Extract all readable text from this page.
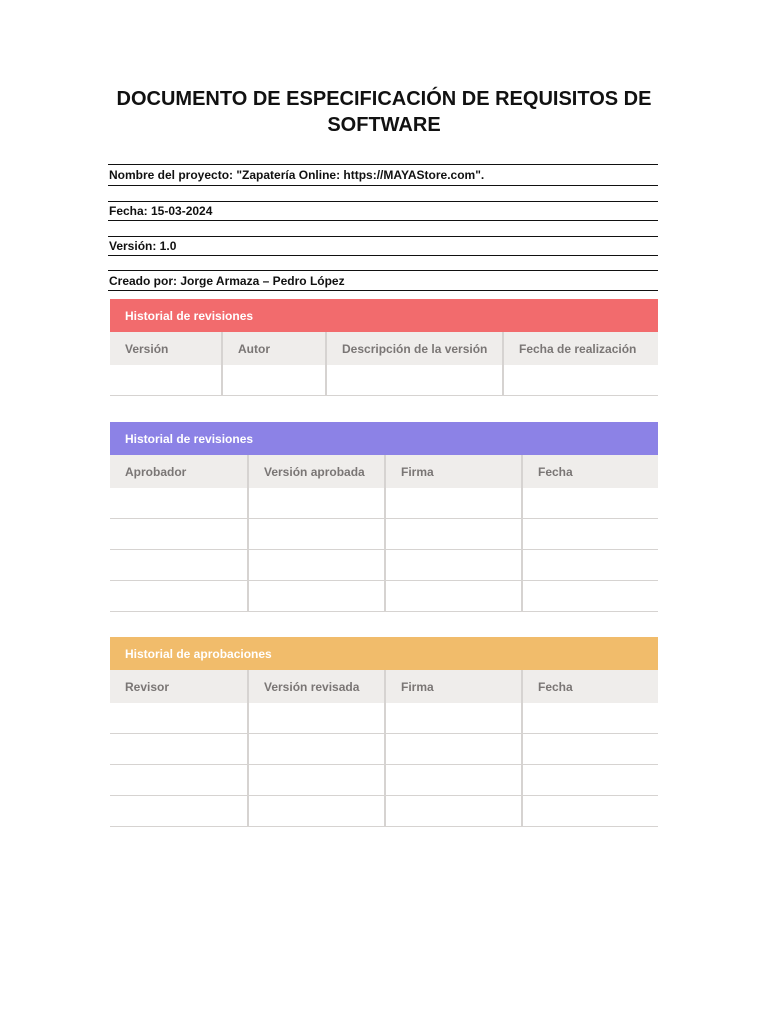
DOCUMENTO DE ESPECIFICACIÓN DE REQUISITOS DE SOFTWARE
Nombre del proyecto: "Zapatería Online: https://MAYAStore.com".
Fecha: 15-03-2024
Versión: 1.0
Creado por: Jorge Armaza – Pedro López
Historial de revisiones
Versión	Autor	Descripción de la versión	Fecha de realización
Historial de revisiones
Aprobador	Versión aprobada	Firma	Fecha
Historial de aprobaciones
Revisor	Versión revisada	Firma	Fecha
